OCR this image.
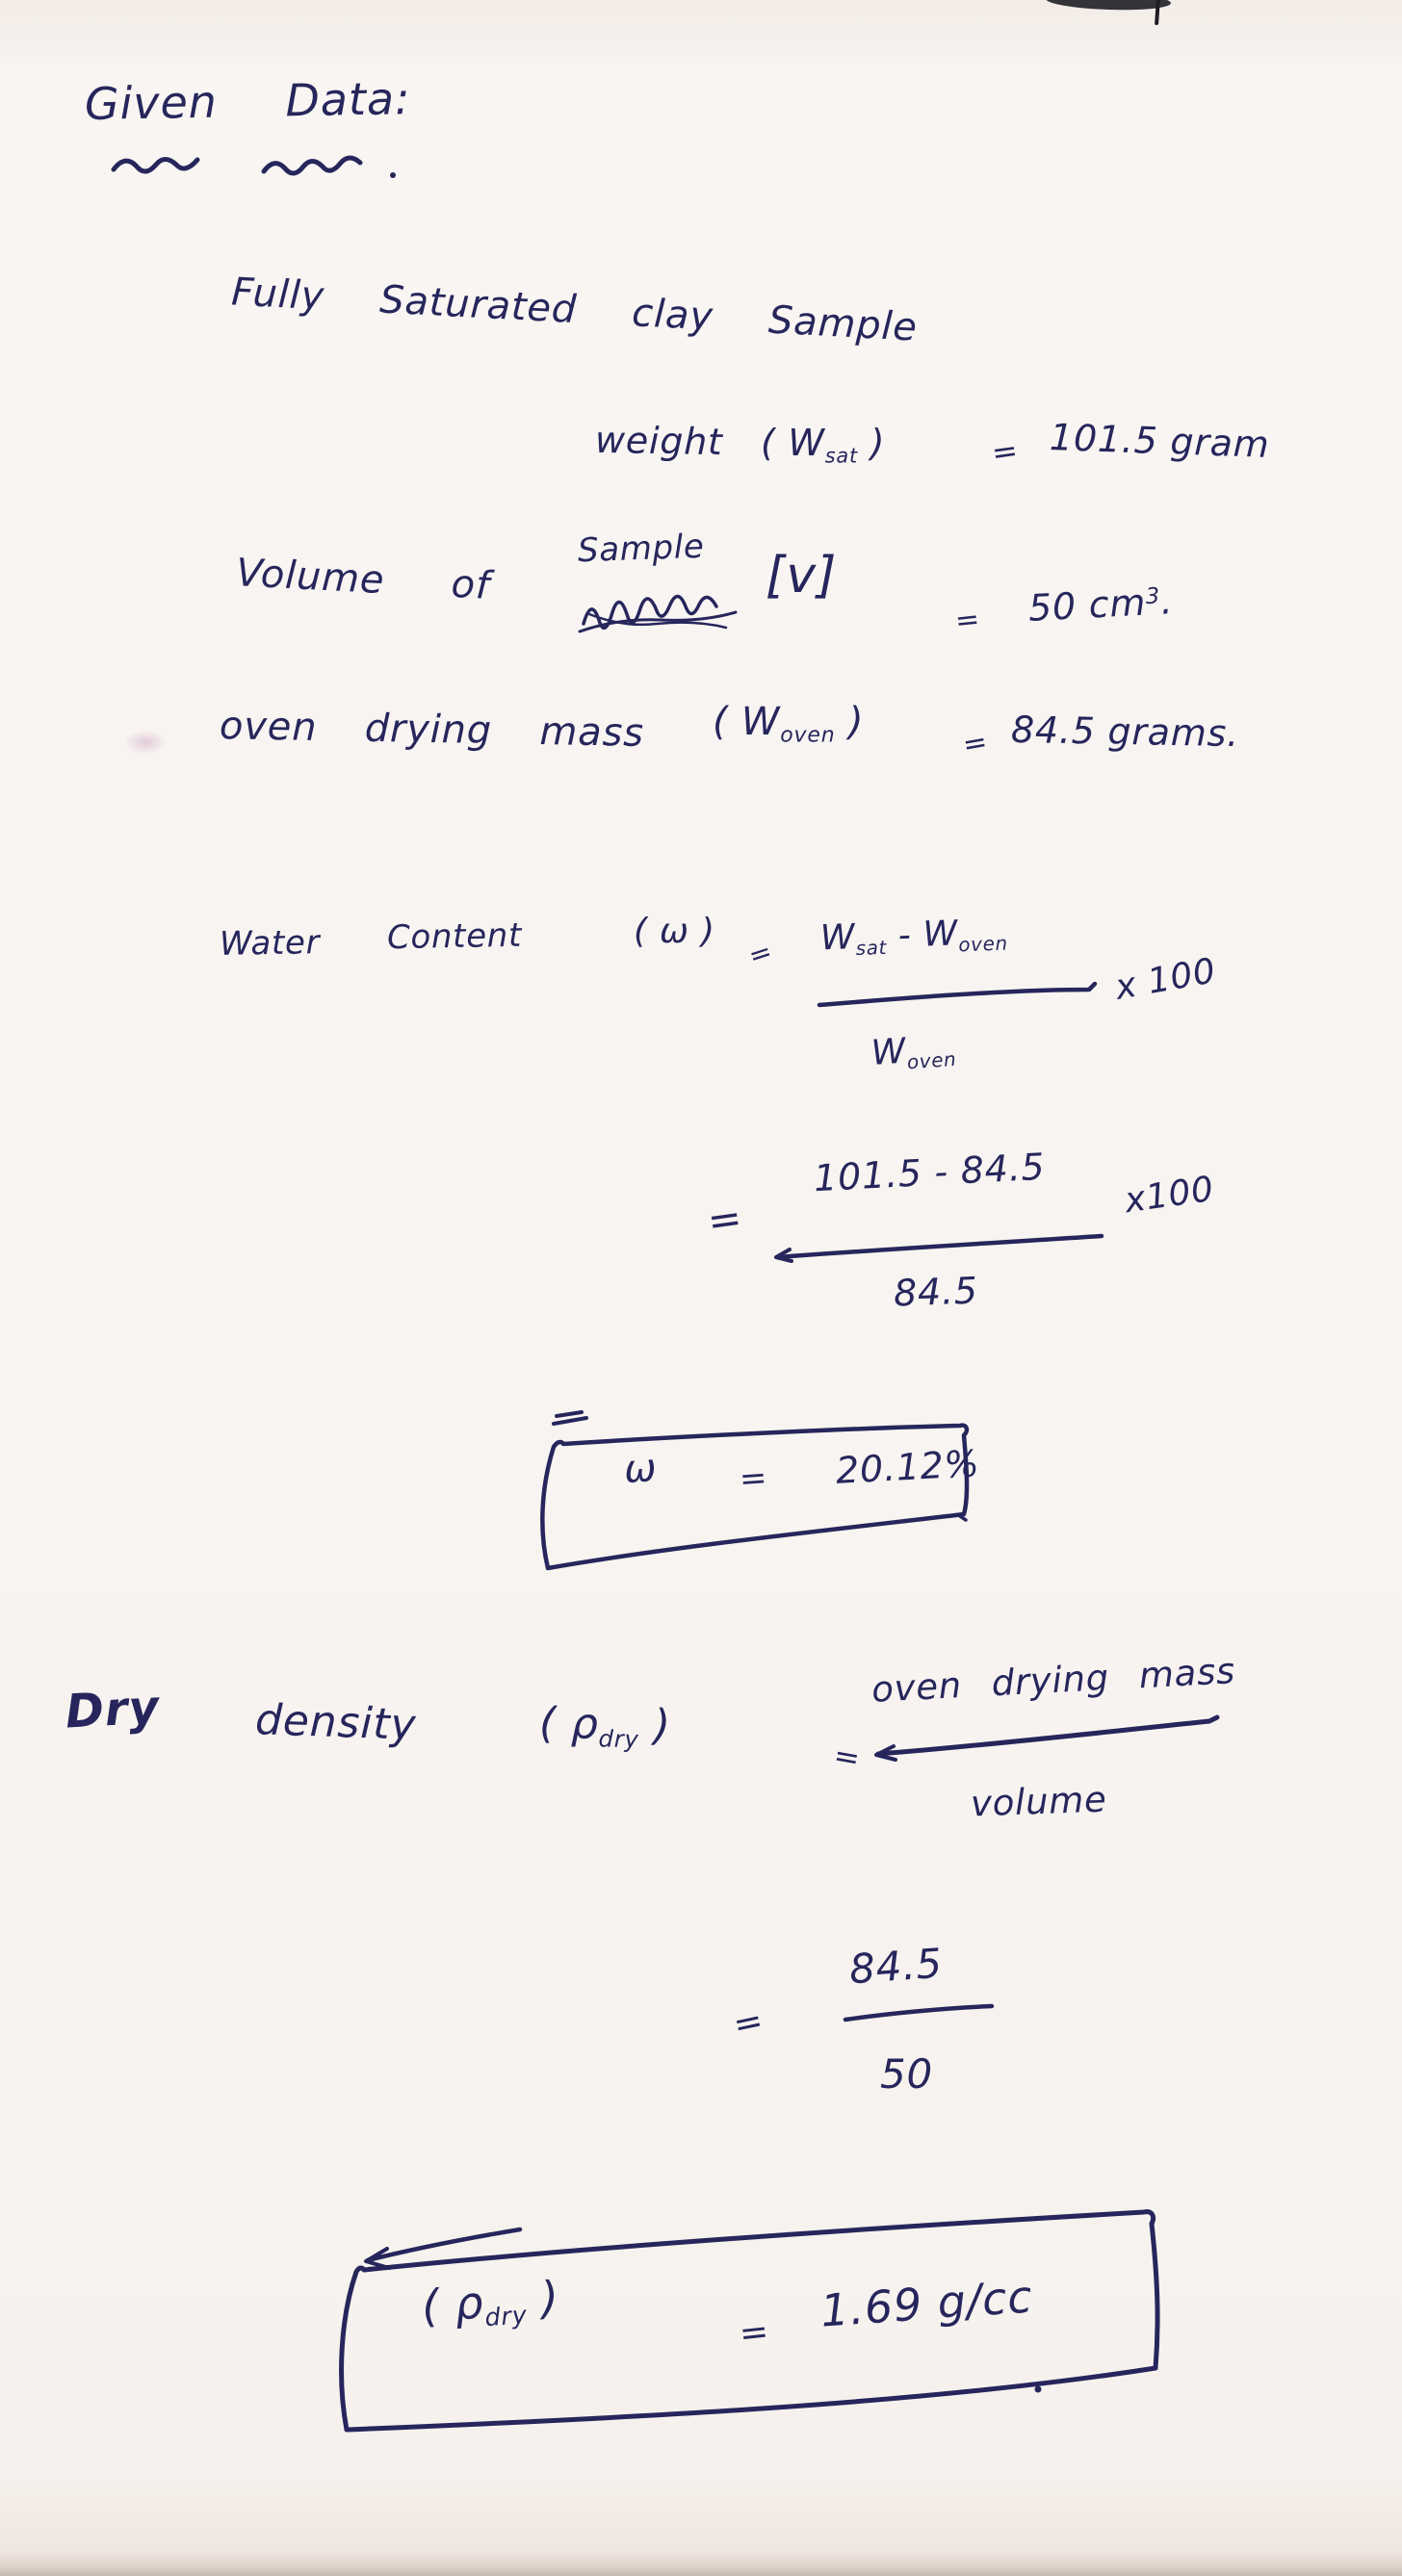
Given Data:
Fully Saturated clay Sample
weight ( $W_{sat}$ )	= 101.5 gram
Volume of
Sample [v]
= 50 $cm^3$.
oven drying mass ( $W_{oven}$ )	= 84.5 grams.
Water Content	( ω )
= $W_{sat} - W_{oven}$
$W_{oven}$
x 100
=
101.5 - 84.5
84.5
x100
ω = 20.12%
Dry density	( $\rho_{dry}$ )
=
oven drying mass
volume
=
84.5
50
( $\rho_{dry}$ )
= 1.69 g/cc
